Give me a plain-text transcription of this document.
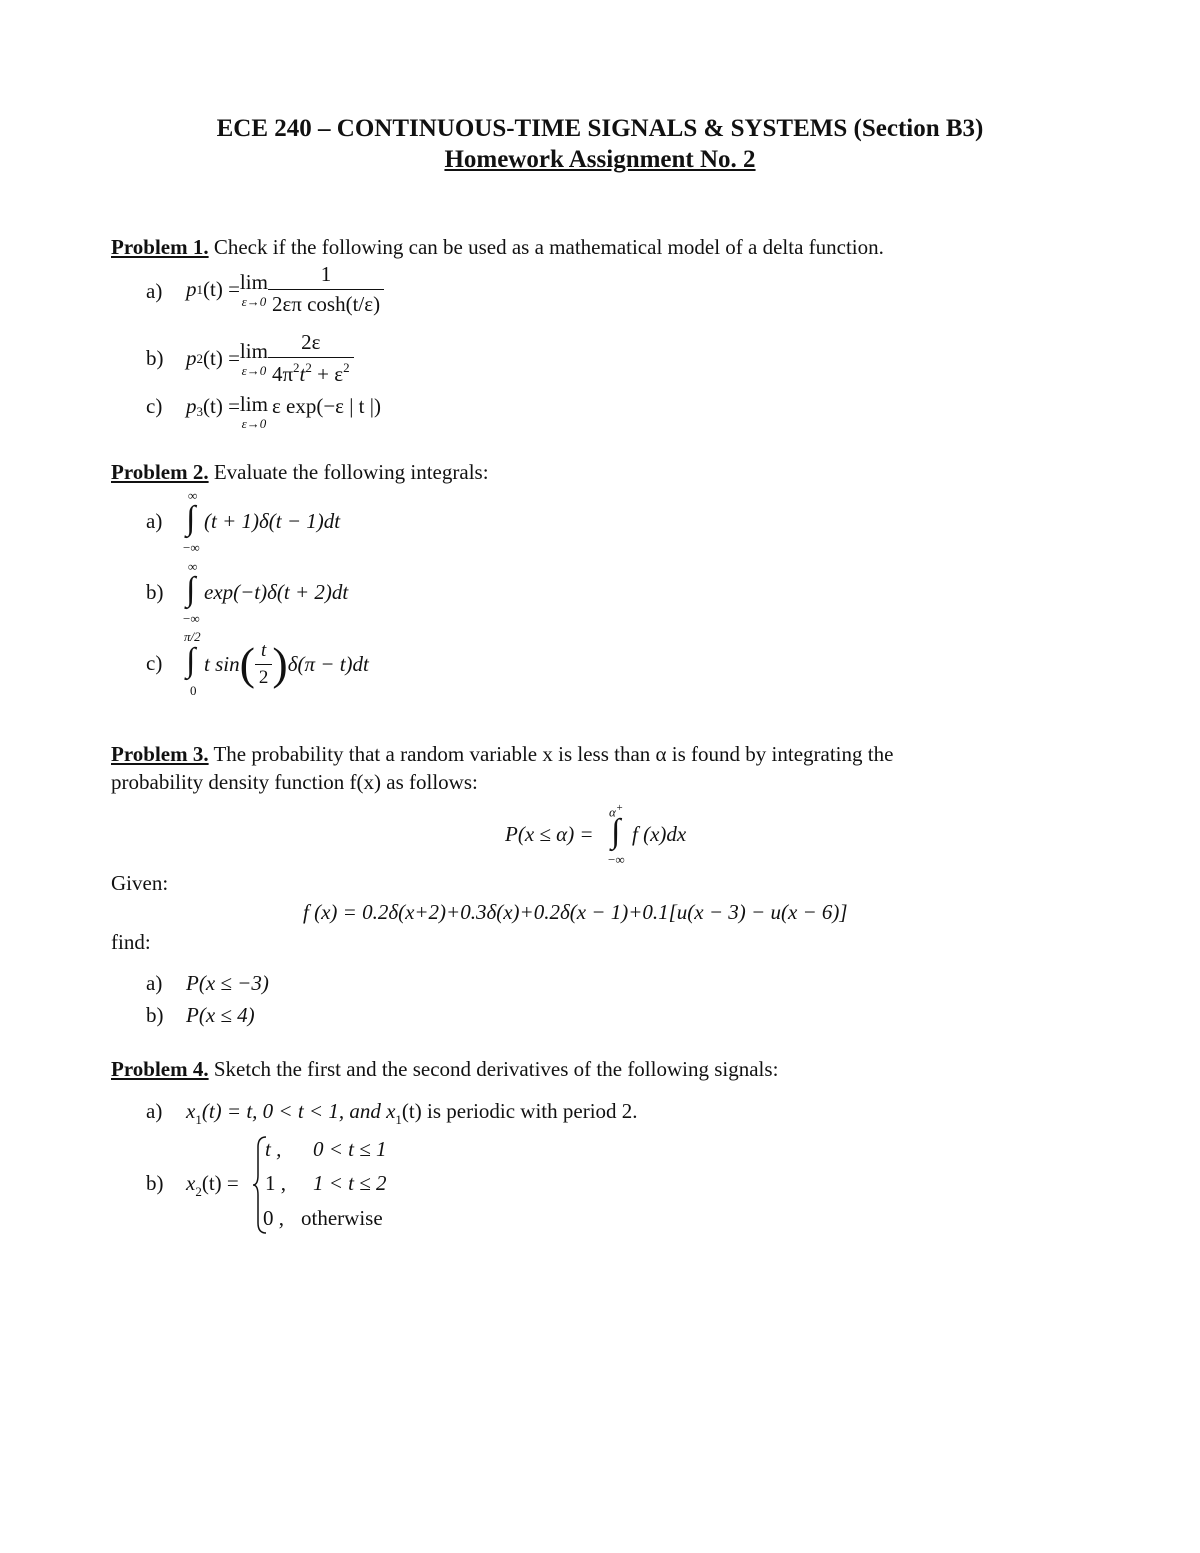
ECE 240 – CONTINUOUS-TIME SIGNALS & SYSTEMS (Section B3)
Homework Assignment No. 2
Problem 1. Check if the following can be used as a mathematical model of a delta function.
a) p 1 (t) = lim
$\varepsilon\to 0 \frac{1}{\text{2επ cosh(t/ε)}}$
b) p 2 (t) = lim
$\varepsilon\to 0 \frac{2\varepsilon}{4\pi^2t^2 + \varepsilon^2}$
c) p 3 (t) = lim
ε→0
ε exp(−ε | t |)
Problem 2. Evaluate the following integrals:
a)
∞
∫
−∞
(t + 1)δ(t − 1)dt
b)
∞
∫
−∞
exp(−t)δ(t + 2)dt
c)
π/2
∫
0
t sin ( $\frac{t}{2}$ ) δ(π − t)dt
Problem 3. The probability that a random variable x is less than α is found by integrating the
probability density function f(x) as follows:
α+
P(x ≤ α) = ∫
−∞
f (x)dx
Given:
f (x) = 0.2δ(x+2)+0.3δ(x)+0.2δ(x − 1)+0.1[u(x − 3) − u(x − 6)]
find:
a) P(x ≤ −3)
b) P(x ≤ 4)
Problem 4. Sketch the first and the second derivatives of the following signals:
a) $x_1(t) = t$, 0 < t < 1, and $x_1(t)$ is periodic with period 2.
b) $x_2(t)$ =
t , 0 < t ≤ 1
1 , 1 < t ≤ 2
0 , otherwise
